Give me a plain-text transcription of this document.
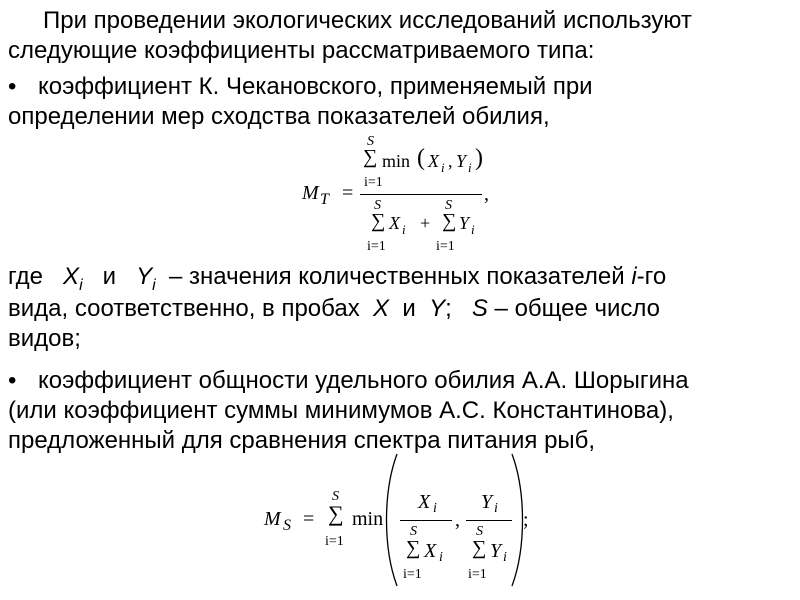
При проведении экологических исследований используют
следующие коэффициенты рассматриваемого типа:
• коэффициент К. Чекановского, применяемый при
определении мер сходства показателей обилия,
M T =
S
∑
i=1
min ( X i , Y i )
,
S
∑ X i
i=1
+
S
∑ Y i
i=1
где $X_i$ и $Y_i$ – значения количественных показателей i-го
вида, соответственно, в пробах X и Y; S – общее число
видов;
• коэффициент общности удельного обилия А.А. Шорыгина
(или коэффициент суммы минимумов А.С. Константинова),
предложенный для сравнения спектра питания рыб,
M S =
S
∑
i=1
min
X i
S
∑ X i
i=1
,
Y i
S
∑ Y i
i=1
;
